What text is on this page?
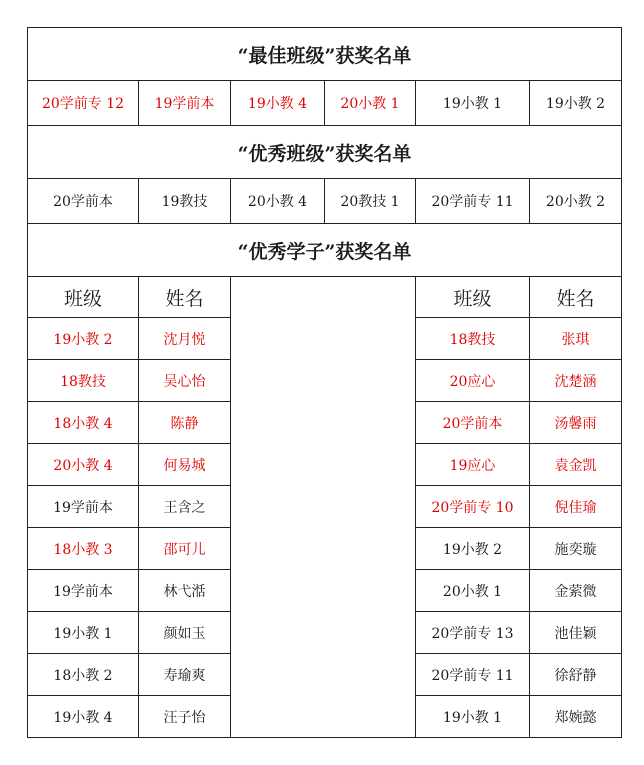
“最佳班级”获奖名单					
20学前专 12	19学前本	19小教 4	20小教 1	19小教 1	19小教 2
“优秀班级”获奖名单					
20学前本	19教技	20小教 4	20教技 1	20学前专 11	20小教 2
“优秀学子”获奖名单					
班级	姓名			班级	姓名
19小教 2	沈月悦			18教技	张琪
18教技	吴心怡			20应心	沈楚涵
18小教 4	陈静			20学前本	汤馨雨
20小教 4	何易城			19应心	袁金凯
19学前本	王含之			20学前专 10	倪佳瑜
18小教 3	邵可儿			19小教 2	施奕璇
19学前本	林弋湉			20小教 1	金萦微
19小教 1	颜如玉			20学前专 13	池佳颖
18小教 2	寿瑜爽			20学前专 11	徐舒静
19小教 4	汪子怡			19小教 1	郑婉懿
